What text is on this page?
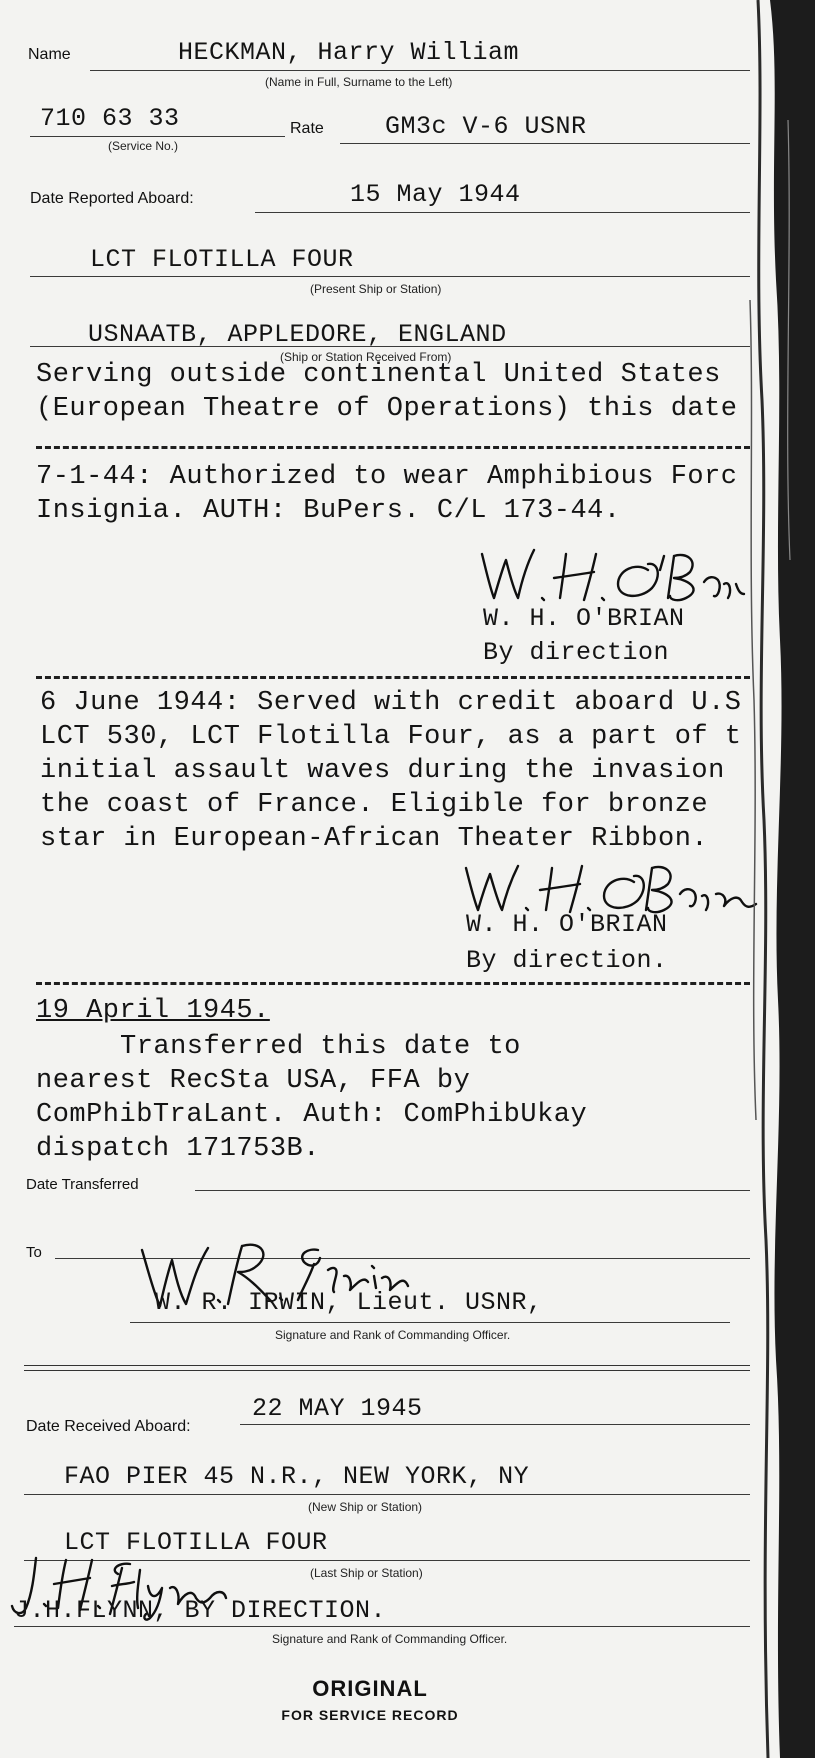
Name	HECKMAN, Harry William
(Name in Full, Surname to the Left)
710 63 33
(Service No.)
Rate GM3c V-6 USNR
Date Reported Aboard:	15 May 1944
LCT FLOTILLA FOUR
(Present Ship or Station)
USNAATB, APPLEDORE, ENGLAND
(Ship or Station Received From)
Serving outside continental United States
(European Theatre of Operations) this date
7-1-44: Authorized to wear Amphibious Forc
Insignia. AUTH: BuPers. C/L 173-44.
W. H. O'BRIAN
By direction
6 June 1944: Served with credit aboard U.S
LCT 530, LCT Flotilla Four, as a part of t
initial assault waves during the invasion
the coast of France. Eligible for bronze
star in European-African Theater Ribbon.
W. H. O'BRIAN
By direction.
19 April 1945.
Transferred this date to
nearest RecSta USA, FFA by
ComPhibTraLant. Auth: ComPhibUkay
dispatch 171753B.
Date Transferred
To
W. R. IRWIN, Lieut. USNR,
Signature and Rank of Commanding Officer.
Date Received Aboard:
22 MAY 1945
FAO PIER 45 N.R., NEW YORK, NY
(New Ship or Station)
LCT FLOTILLA FOUR
(Last Ship or Station)
J.H.FLYNN, BY DIRECTION.
Signature and Rank of Commanding Officer.
ORIGINAL
FOR SERVICE RECORD
